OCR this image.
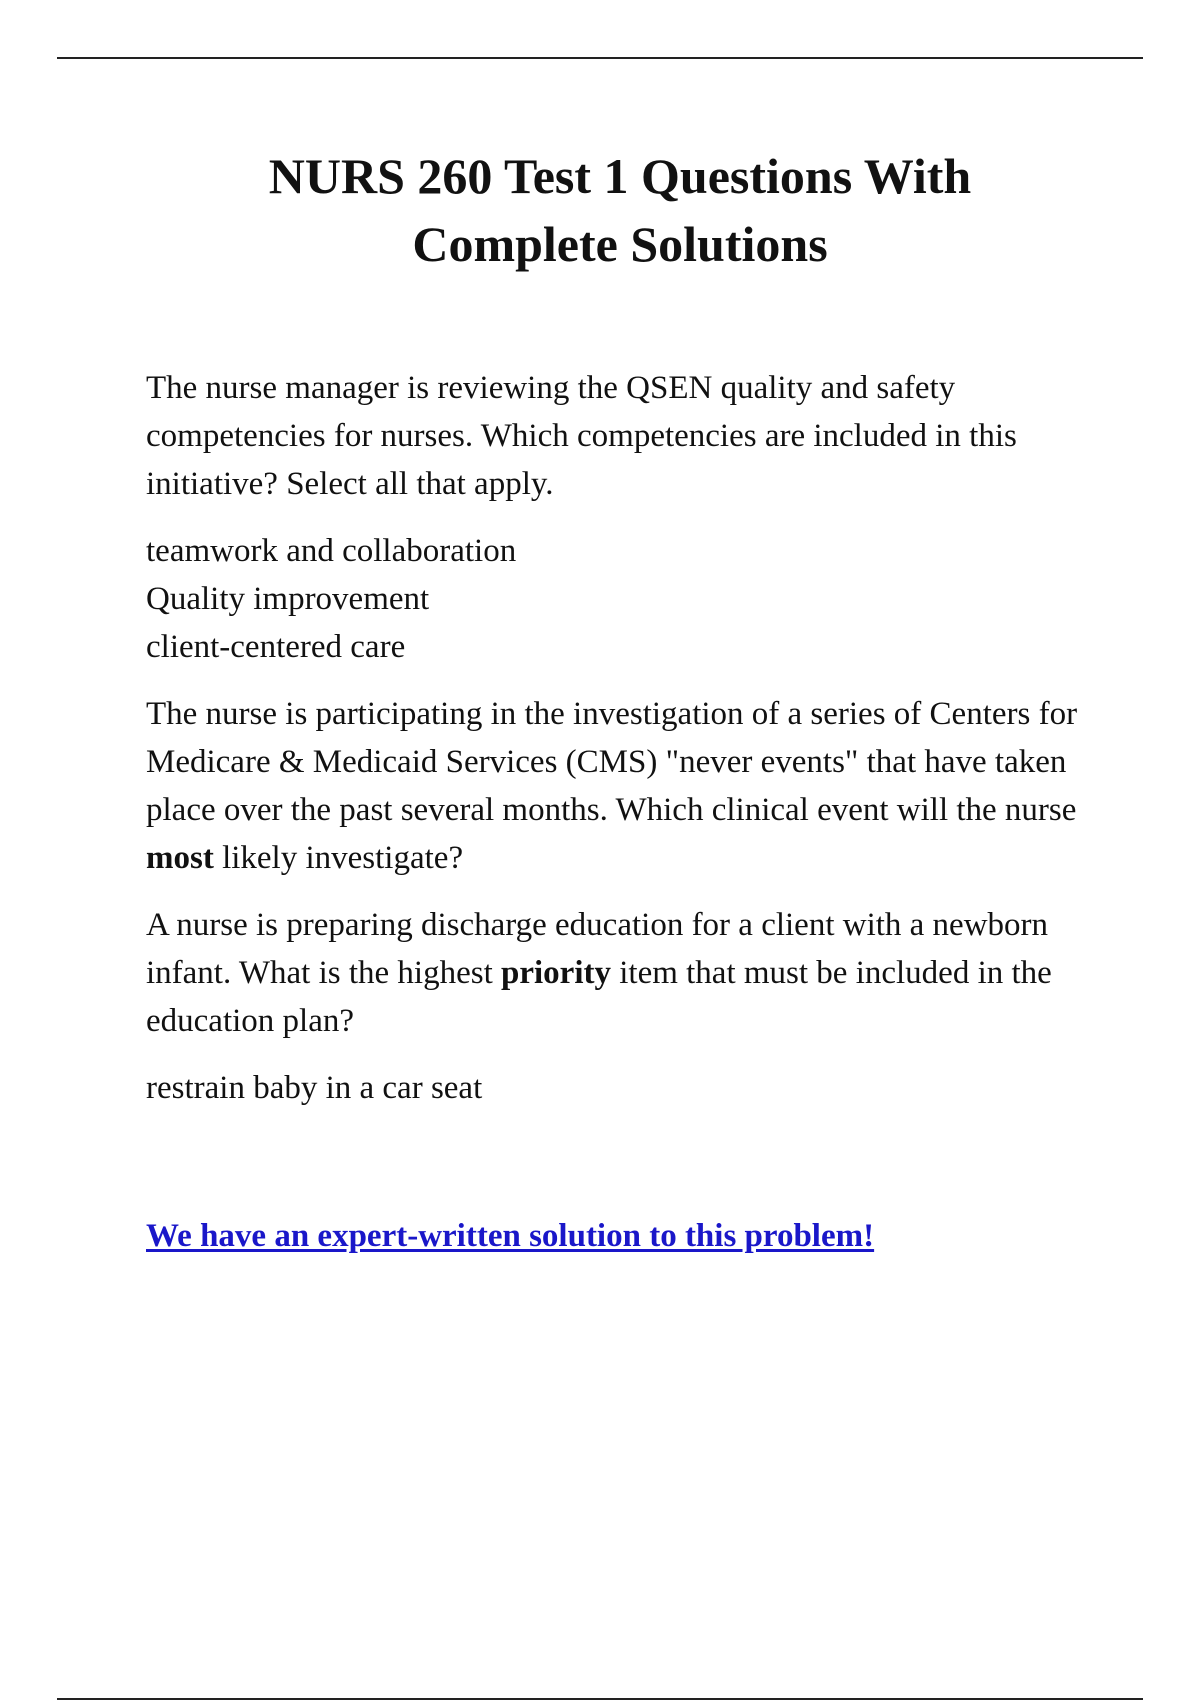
NURS 260 Test 1 Questions With
Complete Solutions

The nurse manager is reviewing the QSEN quality and safety competencies for nurses. Which competencies are included in this initiative? Select all that apply.

teamwork and collaboration
Quality improvement
client-centered care

The nurse is participating in the investigation of a series of Centers for Medicare & Medicaid Services (CMS) "never events" that have taken place over the past several months. Which clinical event will the nurse most likely investigate?

A nurse is preparing discharge education for a client with a newborn infant. What is the highest priority item that must be included in the education plan?

restrain baby in a car seat

We have an expert-written solution to this problem!
